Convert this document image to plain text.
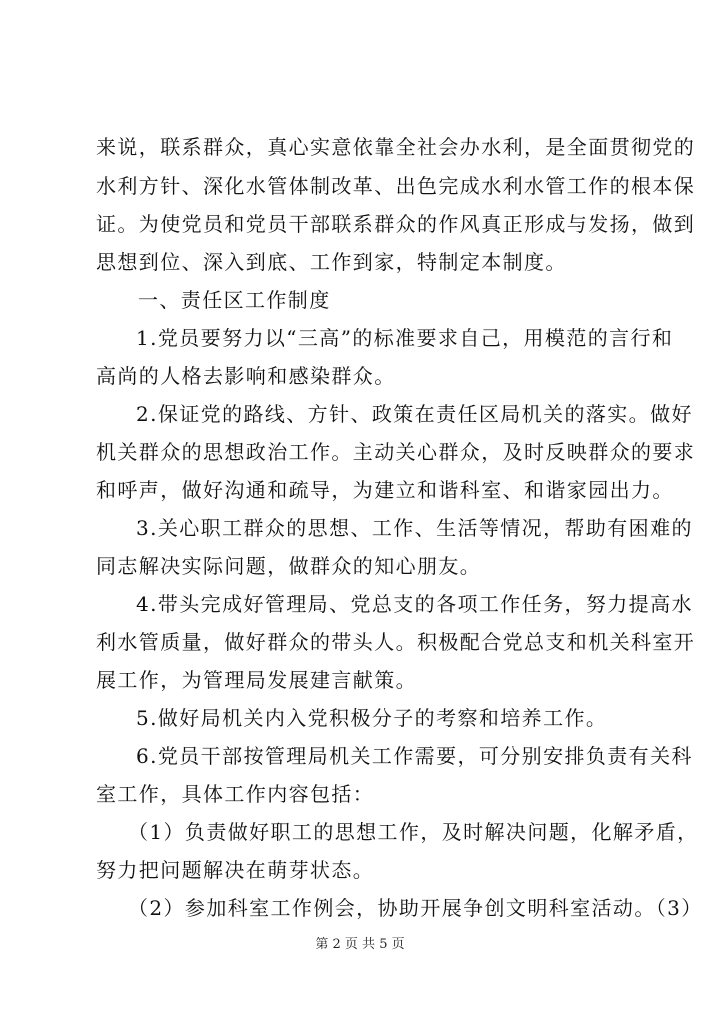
来说，联系群众，真心实意依靠全社会办水利，是全面贯彻党的
水利方针、深化水管体制改革、出色完成水利水管工作的根本保
证。为使党员和党员干部联系群众的作风真正形成与发扬，做到
思想到位、深入到底、工作到家，特制定本制度。
一、责任区工作制度
1.党员要努力以“三高”的标准要求自己，用模范的言行和
高尚的人格去影响和感染群众。
2.保证党的路线、方针、政策在责任区局机关的落实。做好
机关群众的思想政治工作。主动关心群众，及时反映群众的要求
和呼声，做好沟通和疏导，为建立和谐科室、和谐家园出力。
3.关心职工群众的思想、工作、生活等情况，帮助有困难的
同志解决实际问题，做群众的知心朋友。
4.带头完成好管理局、党总支的各项工作任务，努力提高水
利水管质量，做好群众的带头人。积极配合党总支和机关科室开
展工作，为管理局发展建言献策。
5.做好局机关内入党积极分子的考察和培养工作。
6.党员干部按管理局机关工作需要，可分别安排负责有关科
室工作，具体工作内容包括：
（1）负责做好职工的思想工作，及时解决问题，化解矛盾，
努力把问题解决在萌芽状态。
（2）参加科室工作例会，协助开展争创文明科室活动。（3）
第 2 页 共 5 页
